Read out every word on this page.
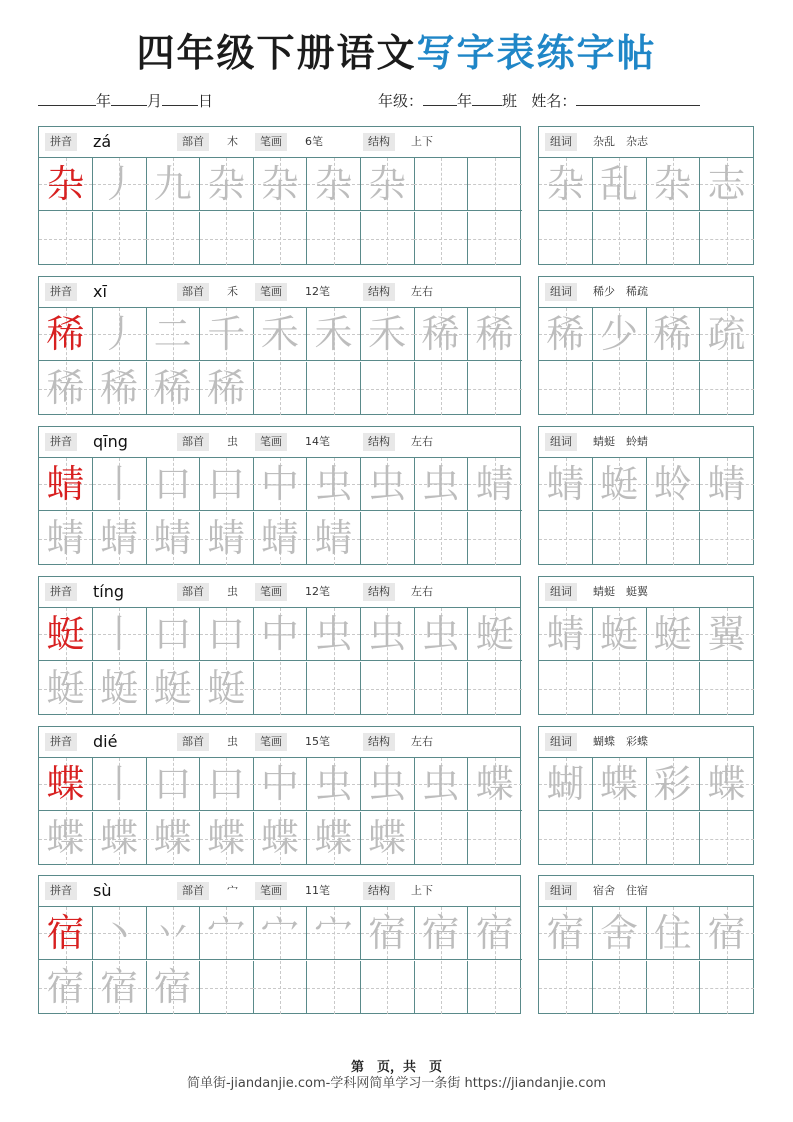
四年级下册语文写字表练字帖
年 月 日	年级： 年 班 姓名：
拼音	zá	部首	木	笔画	6笔	结构	上下
杂 丿 九 杂 杂 杂 杂
组词	杂乱　杂志
杂 乱 杂 志
拼音	xī	部首	禾	笔画	12笔	结构	左右
稀 丿 二 千 禾 禾 禾 稀 稀
稀 稀 稀 稀
组词	稀少　稀疏
稀 少 稀 疏
拼音	qīng	部首	虫	笔画	14笔	结构	左右
蜻 丨 口 口 中 虫 虫 虫 蜻
蜻 蜻 蜻 蜻 蜻 蜻
组词	蜻蜓　蛉蜻
蜻 蜓 蛉 蜻
拼音	tíng	部首	虫	笔画	12笔	结构	左右
蜓 丨 口 口 中 虫 虫 虫 蜓
蜓 蜓 蜓 蜓
组词	蜻蜓　蜓翼
蜻 蜓 蜓 翼
拼音	dié	部首	虫	笔画	15笔	结构	左右
蝶 丨 口 口 中 虫 虫 虫 蝶
蝶 蝶 蝶 蝶 蝶 蝶 蝶
组词	蝴蝶　彩蝶
蝴 蝶 彩 蝶
拼音	sù	部首	宀	笔画	11笔	结构	上下
宿 丶 丷 宀 宀 宀 宿 宿 宿
宿 宿 宿
组词	宿舍　住宿
宿 舍 住 宿
第　页，共　页
简单街-jiandanjie.com-学科网简单学习一条街 https://jiandanjie.com
